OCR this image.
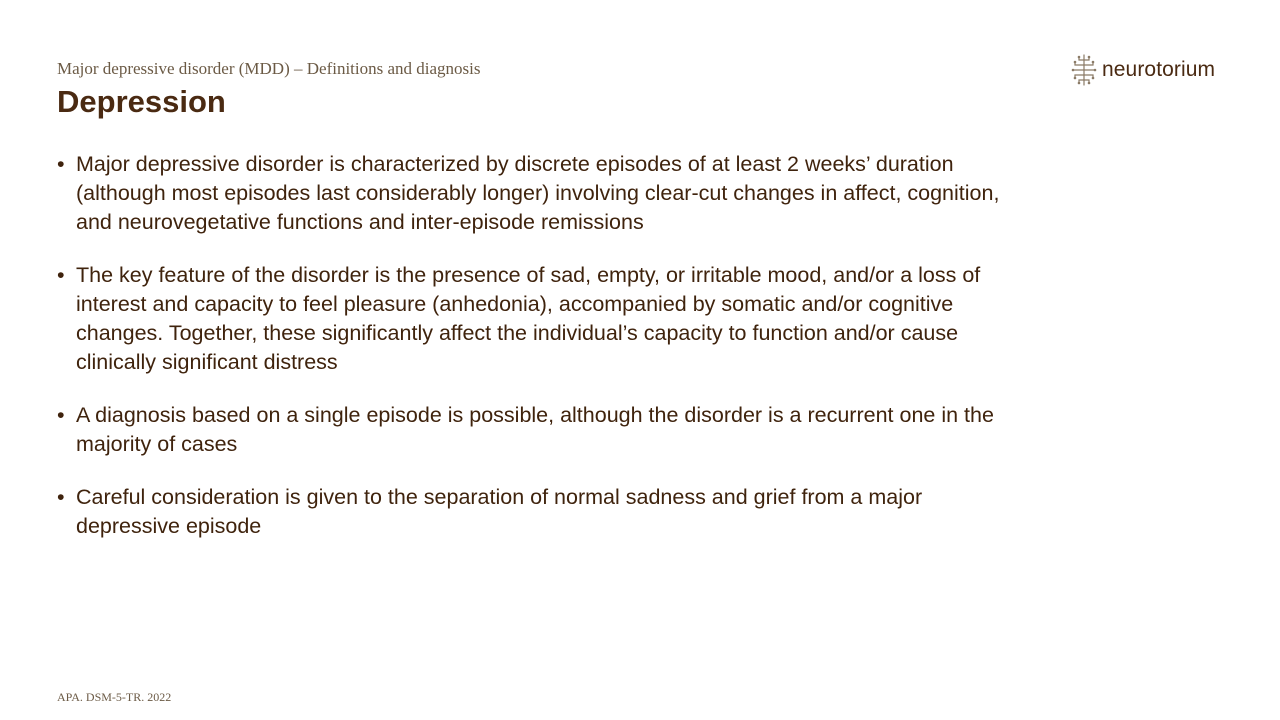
Major depressive disorder (MDD) – Definitions and diagnosis
Depression
neurotorium
• Major depressive disorder is characterized by discrete episodes of at least 2 weeks’ duration (although most episodes last considerably longer) involving clear-cut changes in affect, cognition, and neurovegetative functions and inter-episode remissions
• The key feature of the disorder is the presence of sad, empty, or irritable mood, and/or a loss of interest and capacity to feel pleasure (anhedonia), accompanied by somatic and/or cognitive changes. Together, these significantly affect the individual’s capacity to function and/or cause clinically significant distress
• A diagnosis based on a single episode is possible, although the disorder is a recurrent one in the majority of cases
• Careful consideration is given to the separation of normal sadness and grief from a major depressive episode
APA. DSM-5-TR. 2022
